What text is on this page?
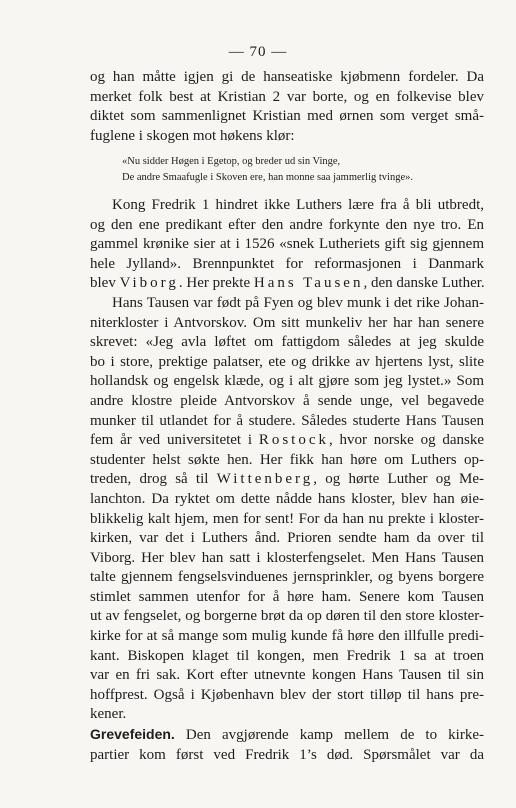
— 70 —
og han måtte igjen gi de hanseatiske kjøbmenn fordeler. Da
merket folk best at Kristian 2 var borte, og en folkevise blev
diktet som sammenlignet Kristian med ørnen som verget små-
fuglene i skogen mot høkens klør:
«Nu sidder Høgen i Egetop, og breder ud sin Vinge,
De andre Smaafugle i Skoven ere, han monne saa jammerlig tvinge».
Kong Fredrik 1 hindret ikke Luthers lære fra å bli utbredt,
og den ene predikant efter den andre forkynte den nye tro. En
gammel krønike sier at i 1526 «snek Lutheriets gift sig gjennem
hele Jylland». Brennpunktet for reformasjonen i Danmark
blev Viborg. Her prekte Hans Tausen, den danske Luther.
Hans Tausen var født på Fyen og blev munk i det rike Johan-
niterkloster i Antvorskov. Om sitt munkeliv her har han senere
skrevet: «Jeg avla løftet om fattigdom således at jeg skulde
bo i store, prektige palatser, ete og drikke av hjertens lyst, slite
hollandsk og engelsk klæde, og i alt gjøre som jeg lystet.» Som
andre klostre pleide Antvorskov å sende unge, vel begavede
munker til utlandet for å studere. Således studerte Hans Tausen
fem år ved universitetet i Rostock, hvor norske og danske
studenter helst søkte hen. Her fikk han høre om Luthers op-
treden, drog så til Wittenberg, og hørte Luther og Me-
lanchton. Da ryktet om dette nådde hans kloster, blev han øie-
blikkelig kalt hjem, men for sent! For da han nu prekte i kloster-
kirken, var det i Luthers ånd. Prioren sendte ham da over til
Viborg. Her blev han satt i klosterfengselet. Men Hans Tausen
talte gjennem fengselsvinduenes jernsprinkler, og byens borgere
stimlet sammen utenfor for å høre ham. Senere kom Tausen
ut av fengselet, og borgerne brøt da op døren til den store kloster-
kirke for at så mange som mulig kunde få høre den illfulle predi-
kant. Biskopen klaget til kongen, men Fredrik 1 sa at troen
var en fri sak. Kort efter utnevnte kongen Hans Tausen til sin
hoffprest. Også i Kjøbenhavn blev der stort tilløp til hans pre-
kener.
Grevefeiden. Den avgjørende kamp mellem de to kirke-
partier kom først ved Fredrik 1’s død. Spørsmålet var da
